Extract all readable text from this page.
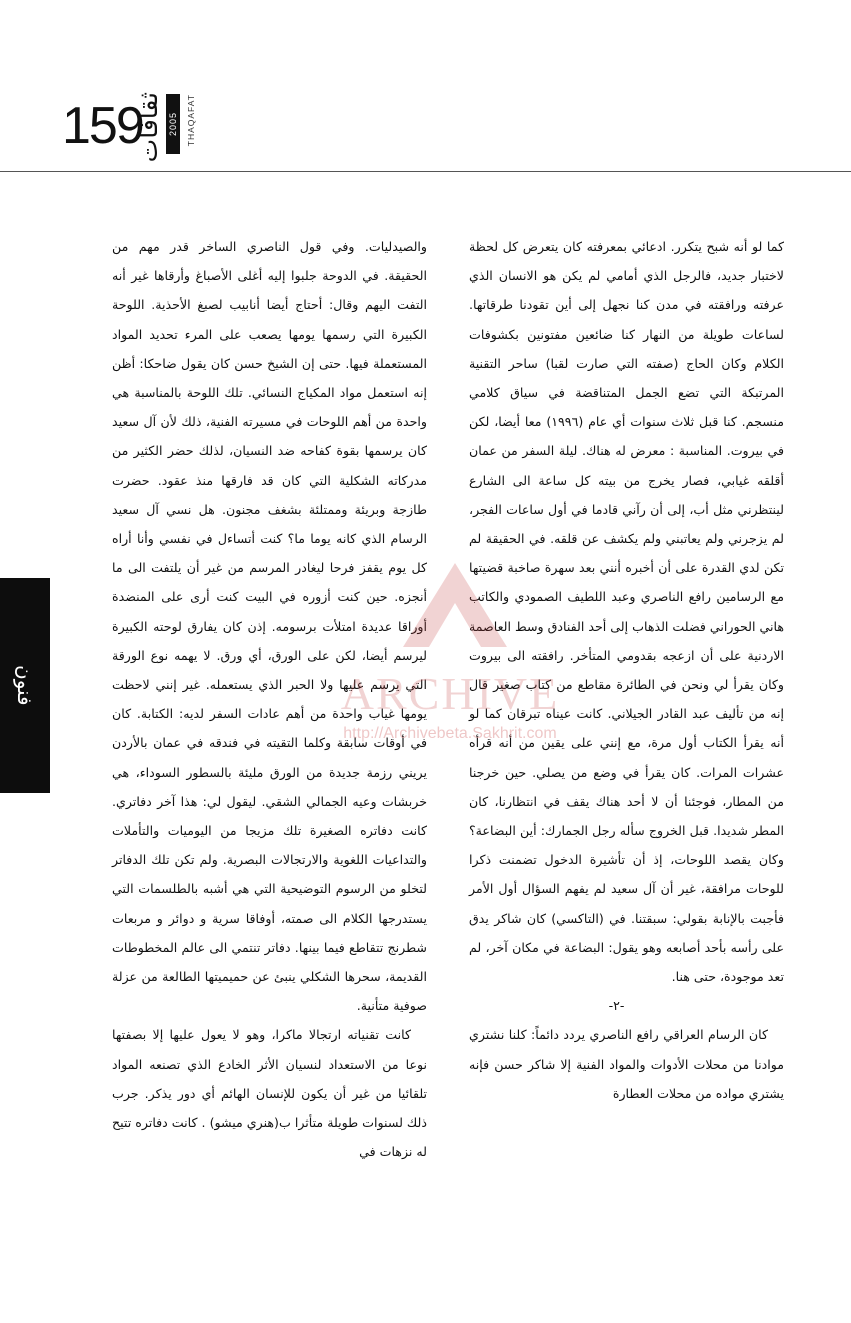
159
ثقافات 2005 THAQAFAT
فنون

كما لو أنه شبح يتكرر. ادعائي بمعرفته كان يتعرض كل لحظة لاختبار جديد، فالرجل الذي أمامي لم يكن هو الانسان الذي عرفته ورافقته في مدن كنا نجهل إلى أين تقودنا طرقاتها. لساعات طويلة من النهار كنا ضائعين مفتونين بكشوفات الكلام وكان الحاج (صفته التي صارت لقبا) ساحر التقنية المرتبكة التي تضع الجمل المتناقضة في سياق كلامي منسجم. كنا قبل ثلاث سنوات أي عام (١٩٩٦) معا أيضا، لكن في بيروت. المناسبة : معرض له هناك. ليلة السفر من عمان أقلقه غيابي، فصار يخرج من بيته كل ساعة الى الشارع لينتظرني مثل أب، إلى أن رآني قادما في أول ساعات الفجر، لم يزجرني ولم يعاتبني ولم يكشف عن قلقه. في الحقيقة لم تكن لدي القدرة على أن أخبره أنني بعد سهرة صاخبة قضيتها مع الرسامين رافع الناصري وعبد اللطيف الصمودي والكاتب هاني الحوراني فضلت الذهاب إلى أحد الفنادق وسط العاصمة الاردنية على أن ازعجه بقدومي المتأخر. رافقته الى بيروت وكان يقرأ لي ونحن في الطائرة مقاطع من كتاب صغير قال إنه من تأليف عبد القادر الجيلاني. كانت عيناه تبرقان كما لو أنه يقرأ الكتاب أول مرة، مع إنني على يقين من أنه قرأه عشرات المرات. كان يقرأ في وضع من يصلي. حين خرجنا من المطار، فوجئنا أن لا أحد هناك يقف في انتظارنا، كان المطر شديدا. قبل الخروج سأله رجل الجمارك: أين البضاعة؟ وكان يقصد اللوحات، إذ أن تأشيرة الدخول تضمنت ذكرا للوحات مرافقة، غير أن آل سعيد لم يفهم السؤال أول الأمر فأجبت بالإنابة بقولي: سبقتنا. في (التاكسي) كان شاكر يدق على رأسه بأحد أصابعه وهو يقول: البضاعة في مكان آخر، لم تعد موجودة، حتى هنا.

-٢-

كان الرسام العراقي رافع الناصري يردد دائماً: كلنا نشتري موادنا من محلات الأدوات والمواد الفنية إلا شاكر حسن فإنه يشتري مواده من محلات العطارة

والصيدليات. وفي قول الناصري الساخر قدر مهم من الحقيقة. في الدوحة جلبوا إليه أغلى الأصباغ وأرقاها غير أنه التفت اليهم وقال: أحتاج أيضا أنابيب لصبغ الأحذية. اللوحة الكبيرة التي رسمها يومها يصعب على المرء تحديد المواد المستعملة فيها. حتى إن الشيخ حسن كان يقول ضاحكا: أظن إنه استعمل مواد المكياج النسائي. تلك اللوحة بالمناسبة هي واحدة من أهم اللوحات في مسيرته الفنية، ذلك لأن آل سعيد كان يرسمها بقوة كفاحه ضد النسيان، لذلك حضر الكثير من مدركاته الشكلية التي كان قد فارقها منذ عقود. حضرت طازجة وبريئة وممتلئة بشغف مجنون. هل نسي آل سعيد الرسام الذي كانه يوما ما؟ كنت أتساءل في نفسي وأنا أراه كل يوم يقفز فرحا ليغادر المرسم من غير أن يلتفت الى ما أنجزه. حين كنت أزوره في البيت كنت أرى على المنضدة أوراقا عديدة امتلأت برسومه. إذن كان يفارق لوحته الكبيرة ليرسم أيضا، لكن على الورق، أي ورق. لا يهمه نوع الورقة التي يرسم عليها ولا الحبر الذي يستعمله. غير إنني لاحظت يومها غياب واحدة من أهم عادات السفر لديه: الكتابة. كان في أوقات سابقة وكلما التقيته في فندقه في عمان بالأردن يريني رزمة جديدة من الورق مليئة بالسطور السوداء، هي خربشات وعيه الجمالي الشقي. ليقول لي: هذا آخر دفاتري. كانت دفاتره الصغيرة تلك مزيجا من اليوميات والتأملات والتداعيات اللغوية والارتجالات البصرية. ولم تكن تلك الدفاتر لتخلو من الرسوم التوضيحية التي هي أشبه بالطلسمات التي يستدرجها الكلام الى صمته، أوفاقا سرية و دوائر و مربعات شطرنج تتقاطع فيما بينها. دفاتر تنتمي الى عالم المخطوطات القديمة، سحرها الشكلي ينبئ عن حميميتها الطالعة من عزلة صوفية متأنية.

كانت تقنياته ارتجالا ماكرا، وهو لا يعول عليها إلا بصفتها نوعا من الاستعداد لنسيان الأثر الخادع الذي تصنعه المواد تلقائيا من غير أن يكون للإنسان الهائم أي دور يذكر. جرب ذلك لسنوات طويلة متأثرا ب(هنري ميشو) . كانت دفاتره تتيح له نزهات في

ARCHIVE
http://Archivebeta.Sakhrit.com
